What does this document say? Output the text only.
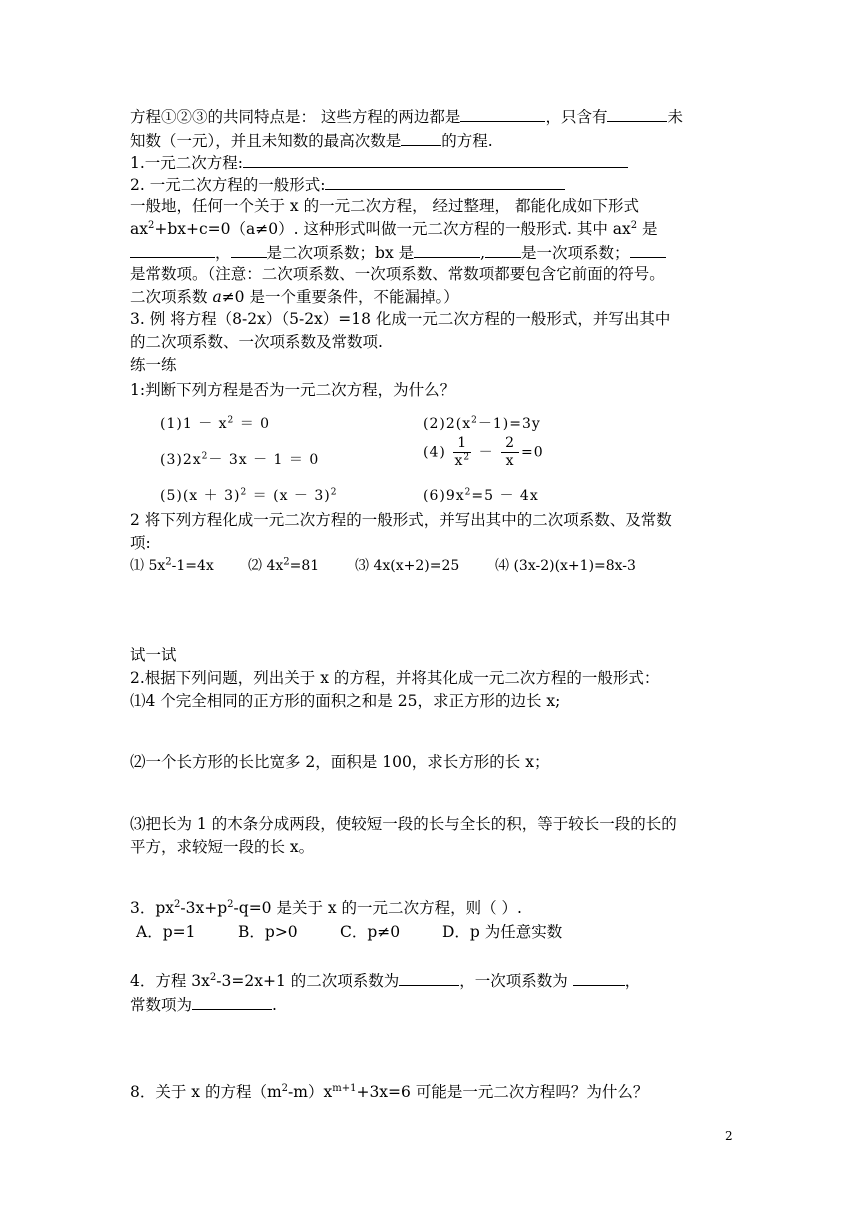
方程①②③的共同特点是： 这些方程的两边都是	，只含有	未
知数（一元），并且未知数的最高次数是	的方程.
1.一元二次方程:
2. 一元二次方程的一般形式:
一般地，任何一个关于 x 的一元二次方程， 经过整理， 都能化成如下形式
$ax^2+bx+c=0(a\ne 0)$. 这种形式叫做一元二次方程的一般形式. 其中 $ax^2$ 是
， 是二次项系数；bx 是	, 是一次项系数；
是常数项。（注意：二次项系数、一次项系数、常数项都要包含它前面的符号。
二次项系数 a≠0 是一个重要条件，不能漏掉。）
3. 例 将方程（8-2x）（5-2x）=18 化成一元二次方程的一般形式，并写出其中
的二次项系数、一次项系数及常数项.
练一练
1:判断下列方程是否为一元二次方程，为什么？
$(1)1 - x^2 = 0$	$(2)2(x^2-1)=3y$
$(3)2x^2- 3x - 1 = 0$	$(4) \frac{1}{x^2} - \frac{2}{x} =0$
$(5)(x + 3)^2 = (x - 3)^2$	$(6)9x^2=5 - 4x$
2 将下列方程化成一元二次方程的一般形式，并写出其中的二次项系数、及常数
项:
⑴ $5x^2-1=4x$ ⑵ $4x^2=81$	⑶ 4x(x+2)=25	⑷ (3x-2)(x+1)=8x-3
试一试
2.根据下列问题，列出关于 x 的方程，并将其化成一元二次方程的一般形式：
⑴4 个完全相同的正方形的面积之和是 25，求正方形的边长 x;
⑵一个长方形的长比宽多 2，面积是 100，求长方形的长 x；
⑶把长为 1 的木条分成两段，使较短一段的长与全长的积，等于较长一段的长的
平方，求较短一段的长 x。
3．$px^2-3x+p^2-q=0$ 是关于 x 的一元二次方程，则（ ）.
A．p=1	B．p>0	C．p≠0	D．p 为任意实数
4．方程 $3x^2-3=2x+1$ 的二次项系数为	，一次项系数为	，
常数项为	.
8．关于 x 的方程$(m^2-m)x^{m+1}+3x=6$ 可能是一元二次方程吗？为什么？
2
